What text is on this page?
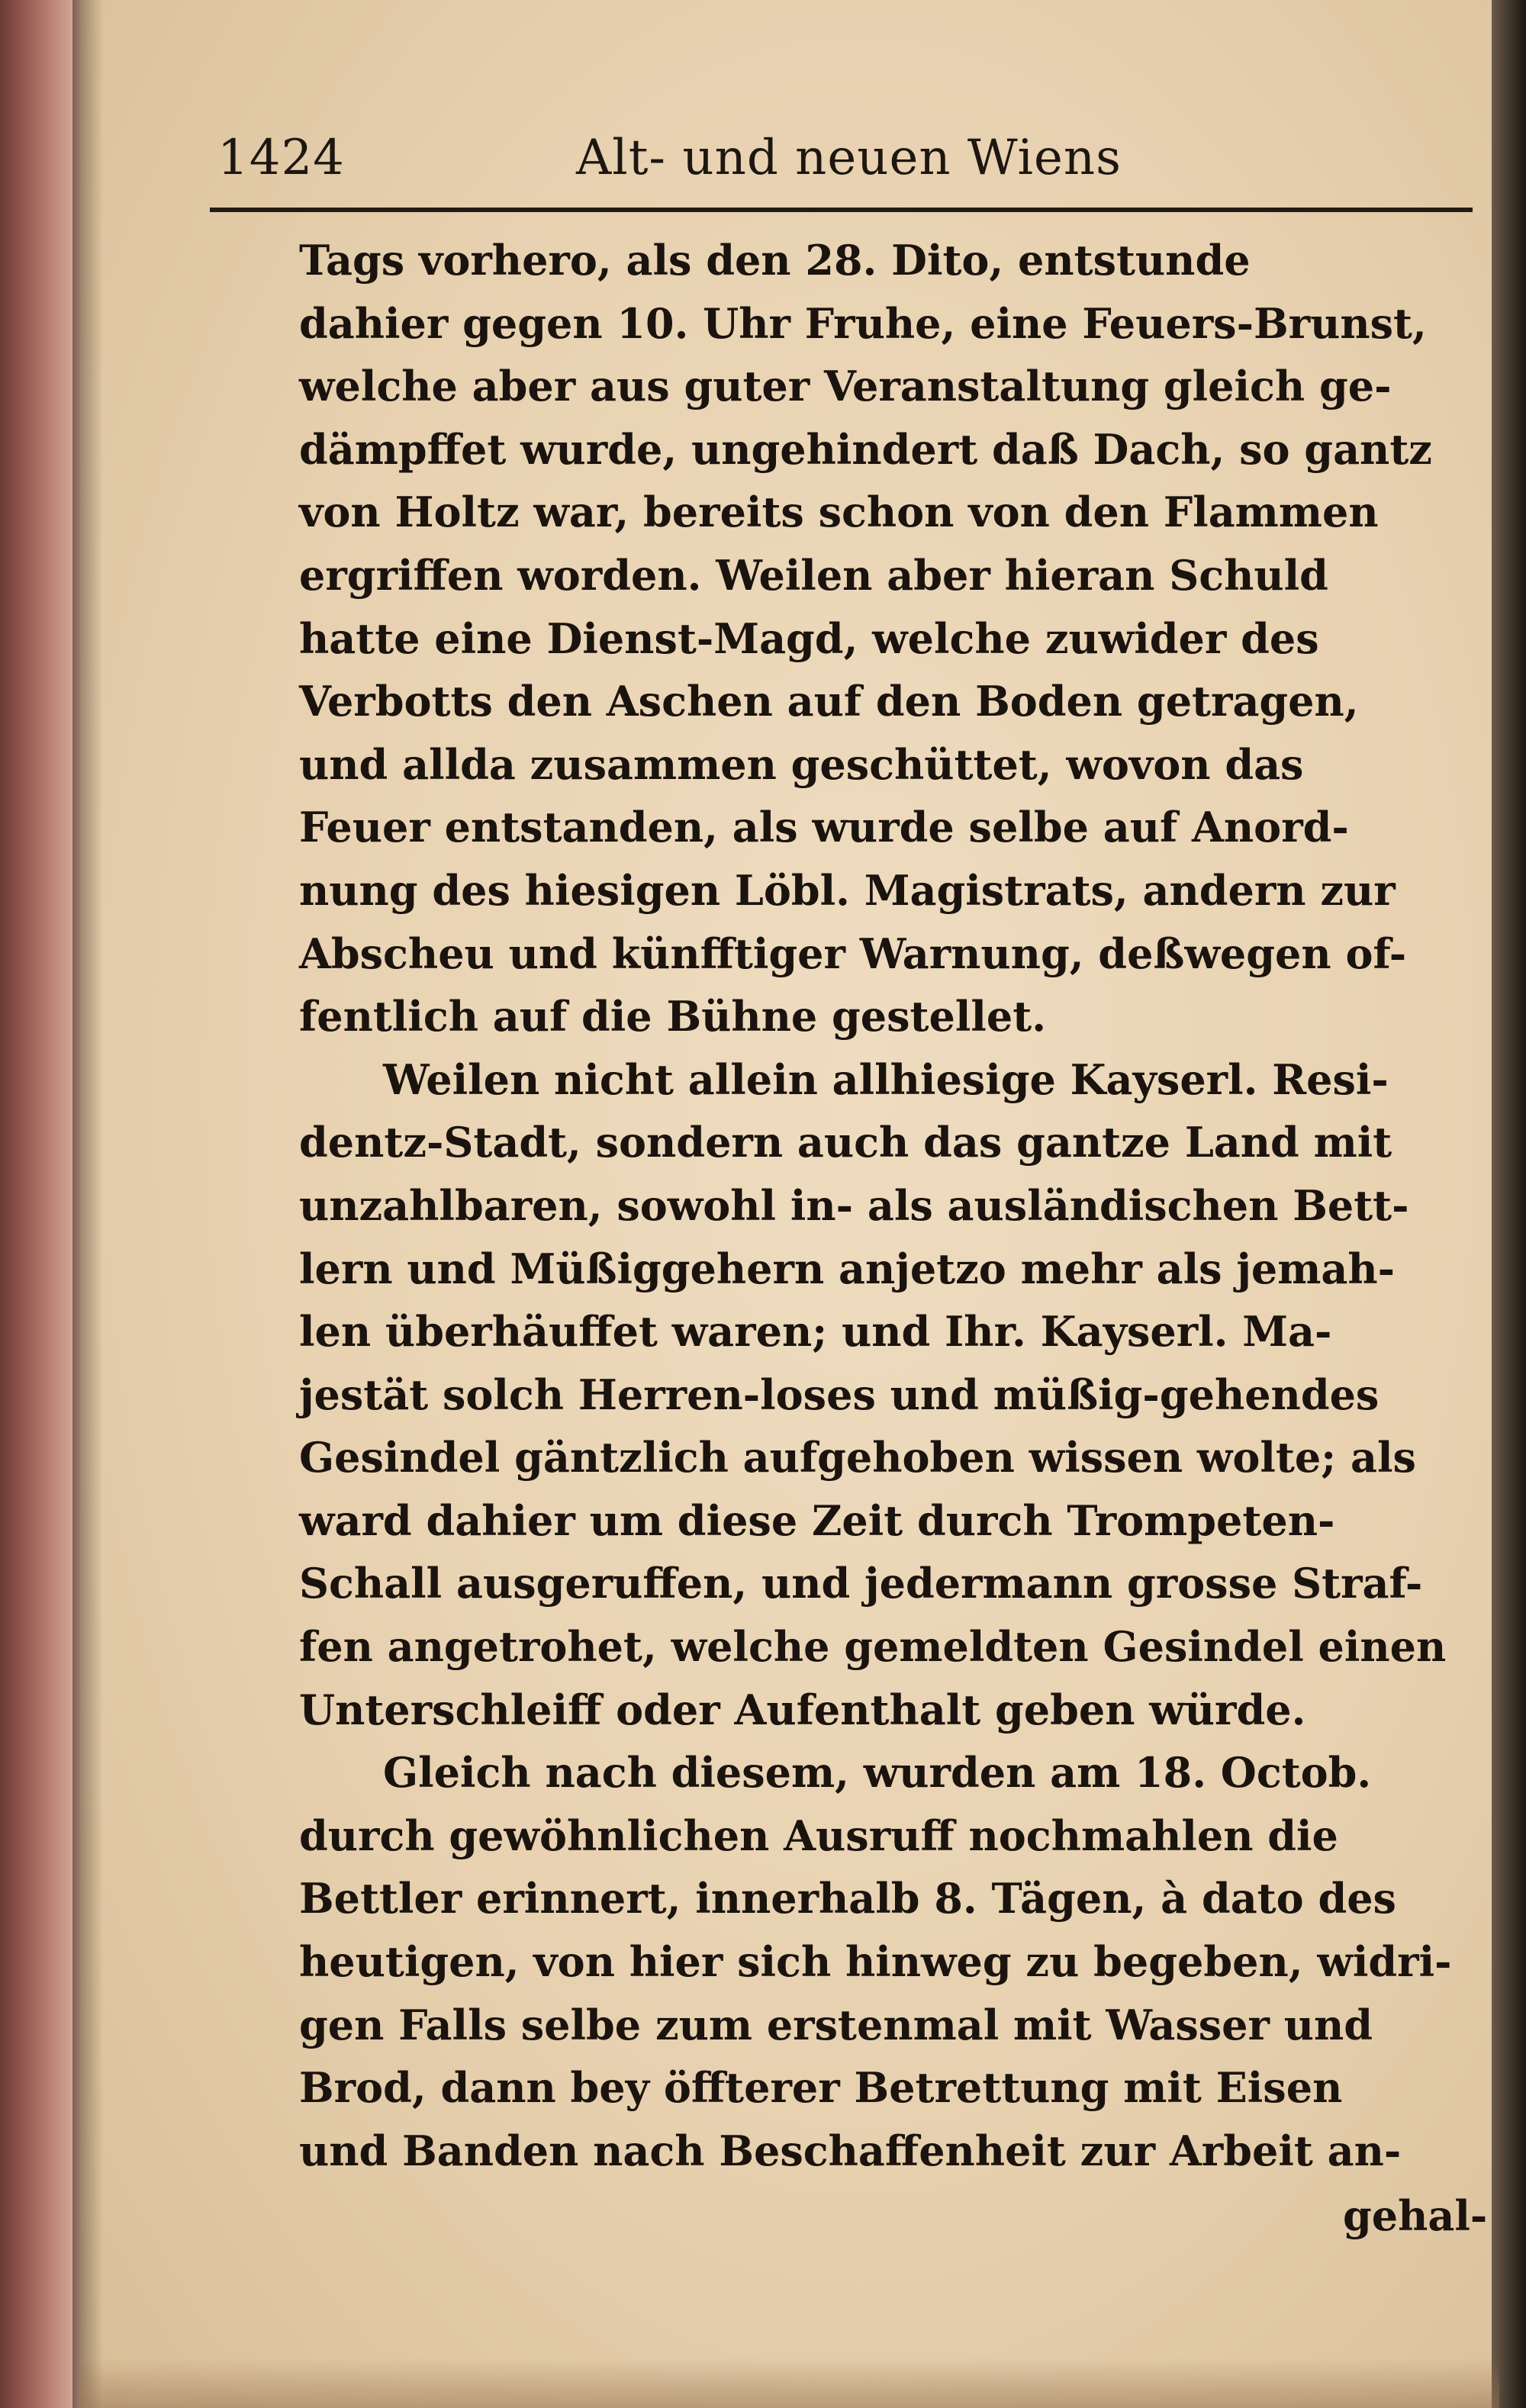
1424	Alt- und neuen Wiens
Tags vorhero, als den 28. Dito, entstunde
dahier gegen 10. Uhr Fruhe, eine Feuers-Brunst,
welche aber aus guter Veranstaltung gleich ge-
dämpffet wurde, ungehindert daß Dach, so gantz
von Holtz war, bereits schon von den Flammen
ergriffen worden. Weilen aber hieran Schuld
hatte eine Dienst-Magd, welche zuwider des
Verbotts den Aschen auf den Boden getragen,
und allda zusammen geschüttet, wovon das
Feuer entstanden, als wurde selbe auf Anord-
nung des hiesigen Löbl. Magistrats, andern zur
Abscheu und künfftiger Warnung, deßwegen of-
fentlich auf die Bühne gestellet.
Weilen nicht allein allhiesige Kayserl. Resi-
dentz-Stadt, sondern auch das gantze Land mit
unzahlbaren, sowohl in- als ausländischen Bett-
lern und Müßiggehern anjetzo mehr als jemah-
len überhäuffet waren; und Ihr. Kayserl. Ma-
jestät solch Herren-loses und müßig-gehendes
Gesindel gäntzlich aufgehoben wissen wolte; als
ward dahier um diese Zeit durch Trompeten-
Schall ausgeruffen, und jedermann grosse Straf-
fen angetrohet, welche gemeldten Gesindel einen
Unterschleiff oder Aufenthalt geben würde.
Gleich nach diesem, wurden am 18. Octob.
durch gewöhnlichen Ausruff nochmahlen die
Bettler erinnert, innerhalb 8. Tägen, à dato des
heutigen, von hier sich hinweg zu begeben, widri-
gen Falls selbe zum erstenmal mit Wasser und
Brod, dann bey öffterer Betrettung mit Eisen
und Banden nach Beschaffenheit zur Arbeit an-
gehal-
